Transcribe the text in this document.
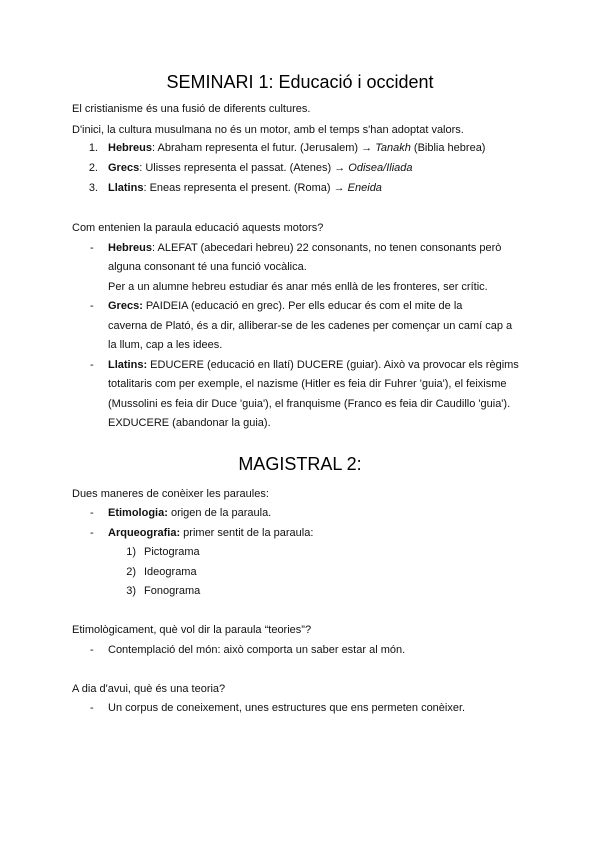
SEMINARI 1: Educació i occident

El cristianisme és una fusió de diferents cultures.

D'inici, la cultura musulmana no és un motor, amb el temps s'han adoptat valors.

1. Hebreus: Abraham representa el futur. (Jerusalem) → Tanakh (Biblia hebrea)

2. Grecs: Ulisses representa el passat. (Atenes) → Odisea/Iliada

3. Llatins: Eneas representa el present. (Roma) → Eneida

Com entenien la paraula educació aquests motors?

- Hebreus: ALEFAT (abecedari hebreu) 22 consonants, no tenen consonants però

alguna consonant té una funció vocàlica.

Per a un alumne hebreu estudiar és anar més enllà de les fronteres, ser crític.

- Grecs: PAIDEIA (educació en grec). Per ells educar és com el mite de la

caverna de Plató, és a dir, alliberar-se de les cadenes per començar un camí cap a

la llum, cap a les idees.

- Llatins: EDUCERE (educació en llatí) DUCERE (guiar). Això va provocar els règims

totalitaris com per exemple, el nazisme (Hitler es feia dir Fuhrer 'guia'), el feixisme

(Mussolini es feia dir Duce 'guia'), el franquisme (Franco es feia dir Caudillo 'guia').

EXDUCERE (abandonar la guia).

MAGISTRAL 2:

Dues maneres de conèixer les paraules:

- Etimologia: origen de la paraula.

- Arqueografia: primer sentit de la paraula:

1) Pictograma

2) Ideograma

3) Fonograma

Etimològicament, què vol dir la paraula “teories”?

- Contemplació del món: això comporta un saber estar al món.

A dia d'avui, què és una teoria?

- Un corpus de coneixement, unes estructures que ens permeten conèixer.
